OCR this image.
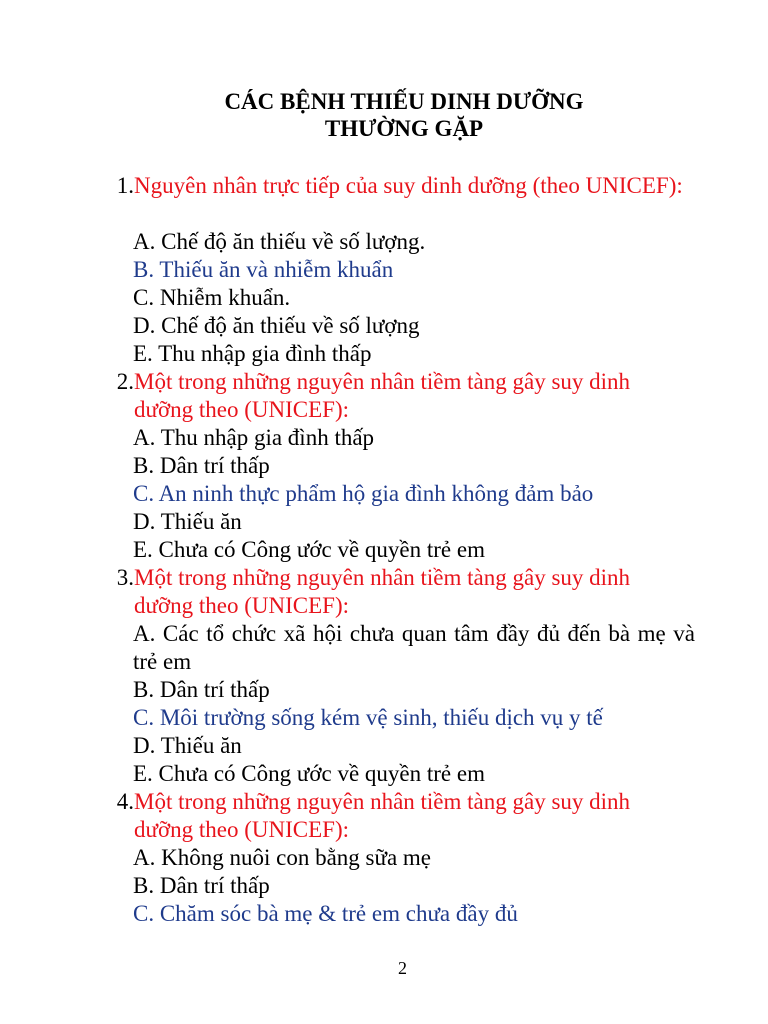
CÁC BỆNH THIẾU DINH DƯỠNG
THƯỜNG GẶP
1. Nguyên nhân trực tiếp của suy dinh dưỡng (theo UNICEF):
A. Chế độ ăn thiếu về số lượng.
B. Thiếu ăn và nhiễm khuẩn
C. Nhiễm khuẩn.
D. Chế độ ăn thiếu về số lượng
E. Thu nhập gia đình thấp
2. Một trong những nguyên nhân tiềm tàng gây suy dinh dưỡng theo (UNICEF):
A. Thu nhập gia đình thấp
B. Dân trí thấp
C. An ninh thực phẩm hộ gia đình không đảm bảo
D. Thiếu ăn
E. Chưa có Công ước về quyền trẻ em
3. Một trong những nguyên nhân tiềm tàng gây suy dinh dưỡng theo (UNICEF):
A. Các tổ chức xã hội chưa quan tâm đầy đủ đến bà mẹ và trẻ em
B. Dân trí thấp
C. Môi trường sống kém vệ sinh, thiếu dịch vụ y tế
D. Thiếu ăn
E. Chưa có Công ước về quyền trẻ em
4. Một trong những nguyên nhân tiềm tàng gây suy dinh dưỡng theo (UNICEF):
A. Không nuôi con bằng sữa mẹ
B. Dân trí thấp
C. Chăm sóc bà mẹ & trẻ em chưa đầy đủ
2
